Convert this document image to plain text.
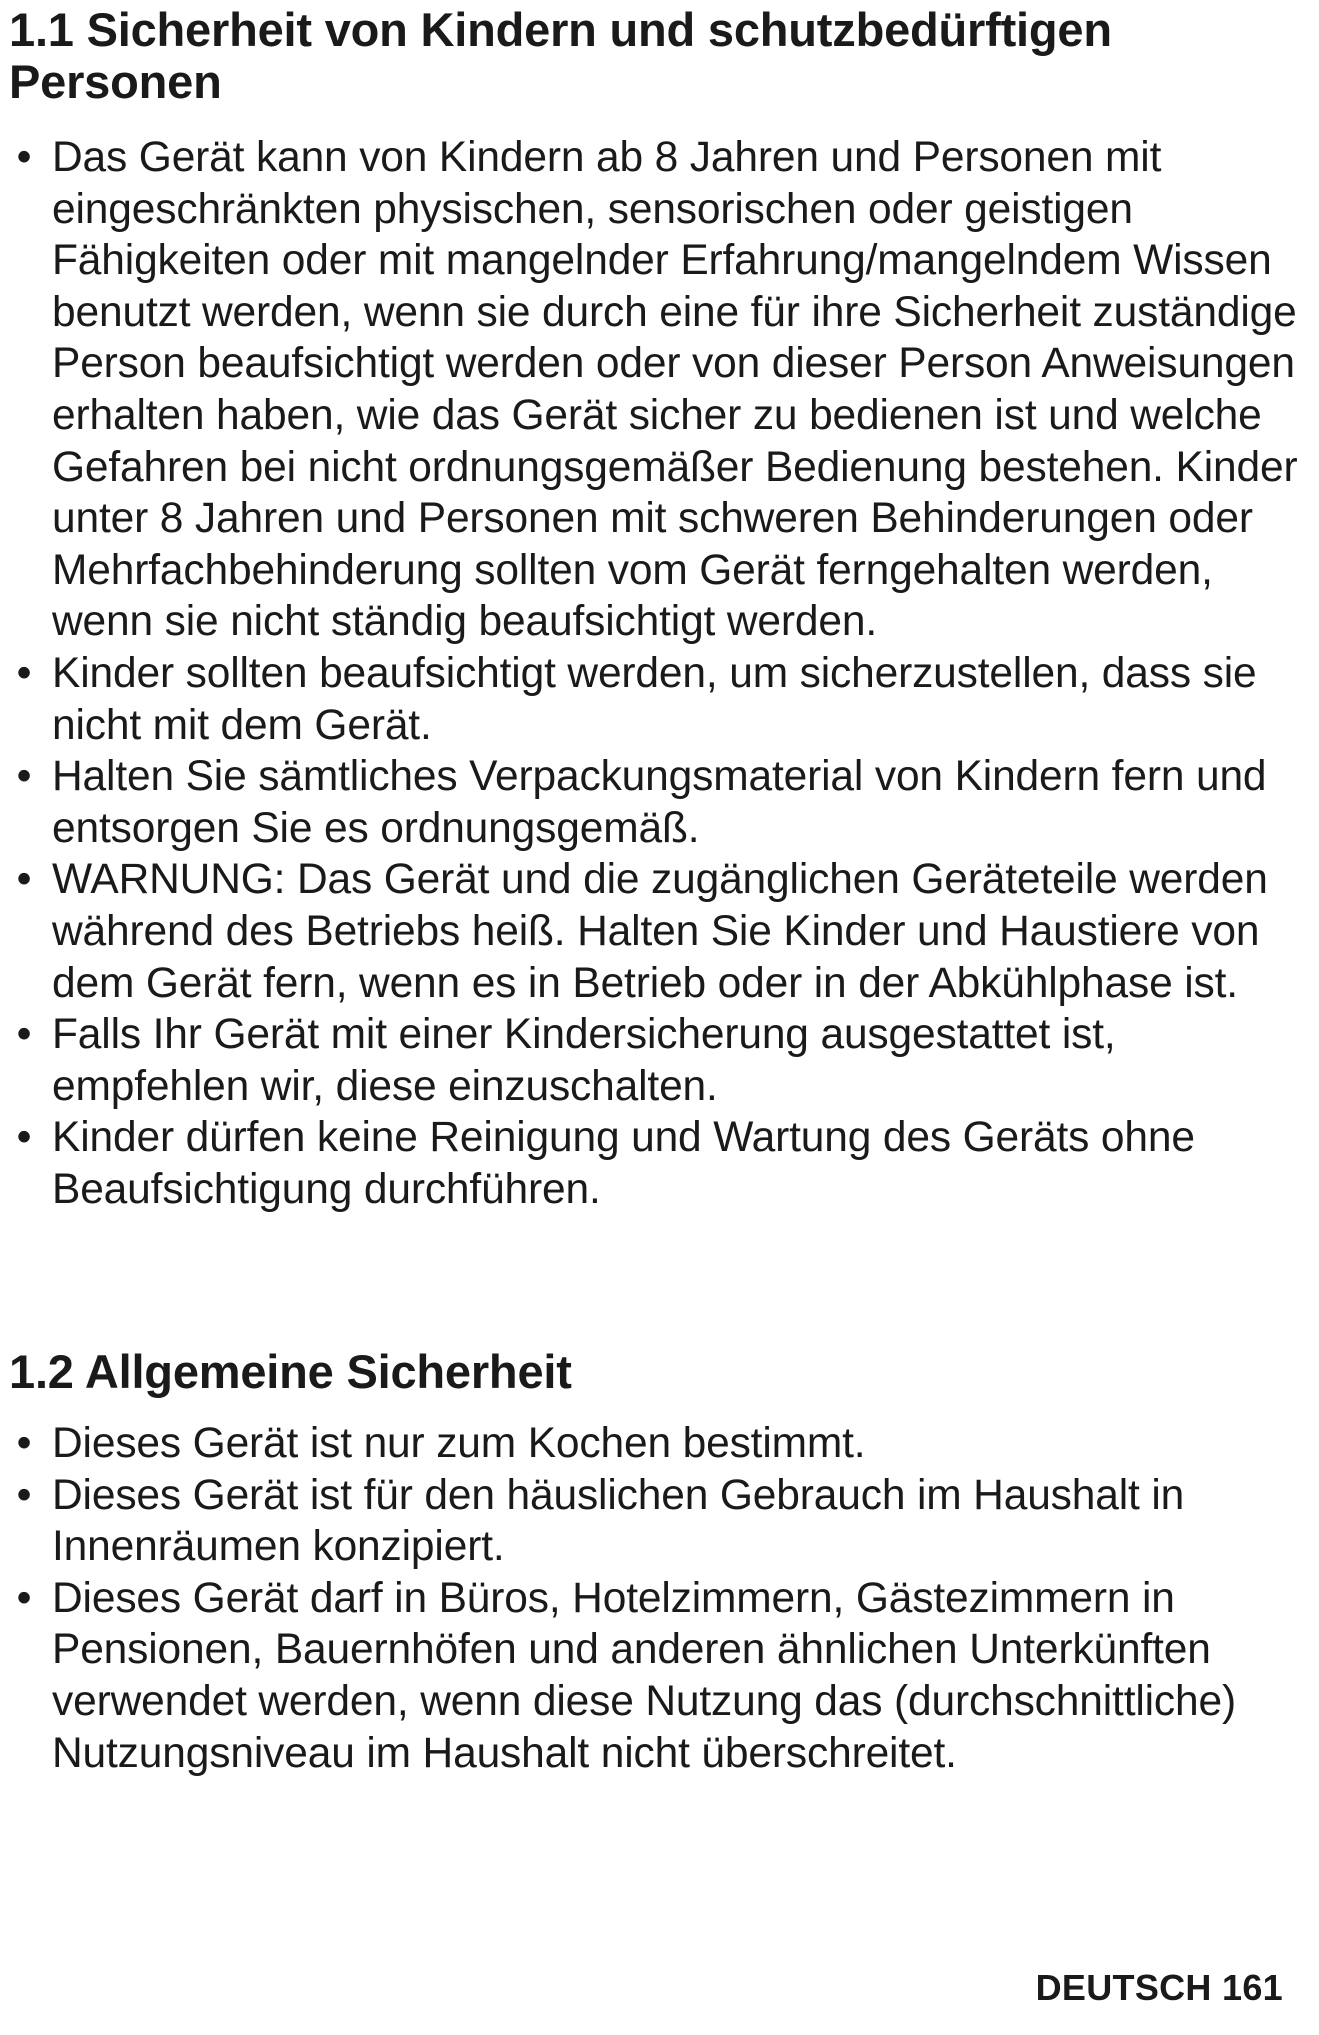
1.1 Sicherheit von Kindern und schutzbedürftigen Personen
• Das Gerät kann von Kindern ab 8 Jahren und Personen mit eingeschränkten physischen, sensorischen oder geistigen Fähigkeiten oder mit mangelnder Erfahrung/mangelndem Wissen benutzt werden, wenn sie durch eine für ihre Sicherheit zuständige Person beaufsichtigt werden oder von dieser Person Anweisungen erhalten haben, wie das Gerät sicher zu bedienen ist und welche Gefahren bei nicht ordnungsgemäßer Bedienung bestehen. Kinder unter 8 Jahren und Personen mit schweren Behinderungen oder Mehrfachbehinderung sollten vom Gerät ferngehalten werden, wenn sie nicht ständig beaufsichtigt werden.
• Kinder sollten beaufsichtigt werden, um sicherzustellen, dass sie nicht mit dem Gerät.
• Halten Sie sämtliches Verpackungsmaterial von Kindern fern und entsorgen Sie es ordnungsgemäß.
• WARNUNG: Das Gerät und die zugänglichen Geräteteile werden während des Betriebs heiß. Halten Sie Kinder und Haustiere von dem Gerät fern, wenn es in Betrieb oder in der Abkühlphase ist.
• Falls Ihr Gerät mit einer Kindersicherung ausgestattet ist, empfehlen wir, diese einzuschalten.
• Kinder dürfen keine Reinigung und Wartung des Geräts ohne Beaufsichtigung durchführen.
1.2 Allgemeine Sicherheit
• Dieses Gerät ist nur zum Kochen bestimmt.
• Dieses Gerät ist für den häuslichen Gebrauch im Haushalt in Innenräumen konzipiert.
• Dieses Gerät darf in Büros, Hotelzimmern, Gästezimmern in Pensionen, Bauernhöfen und anderen ähnlichen Unterkünften verwendet werden, wenn diese Nutzung das (durchschnittliche) Nutzungsniveau im Haushalt nicht überschreitet.
DEUTSCH 161
